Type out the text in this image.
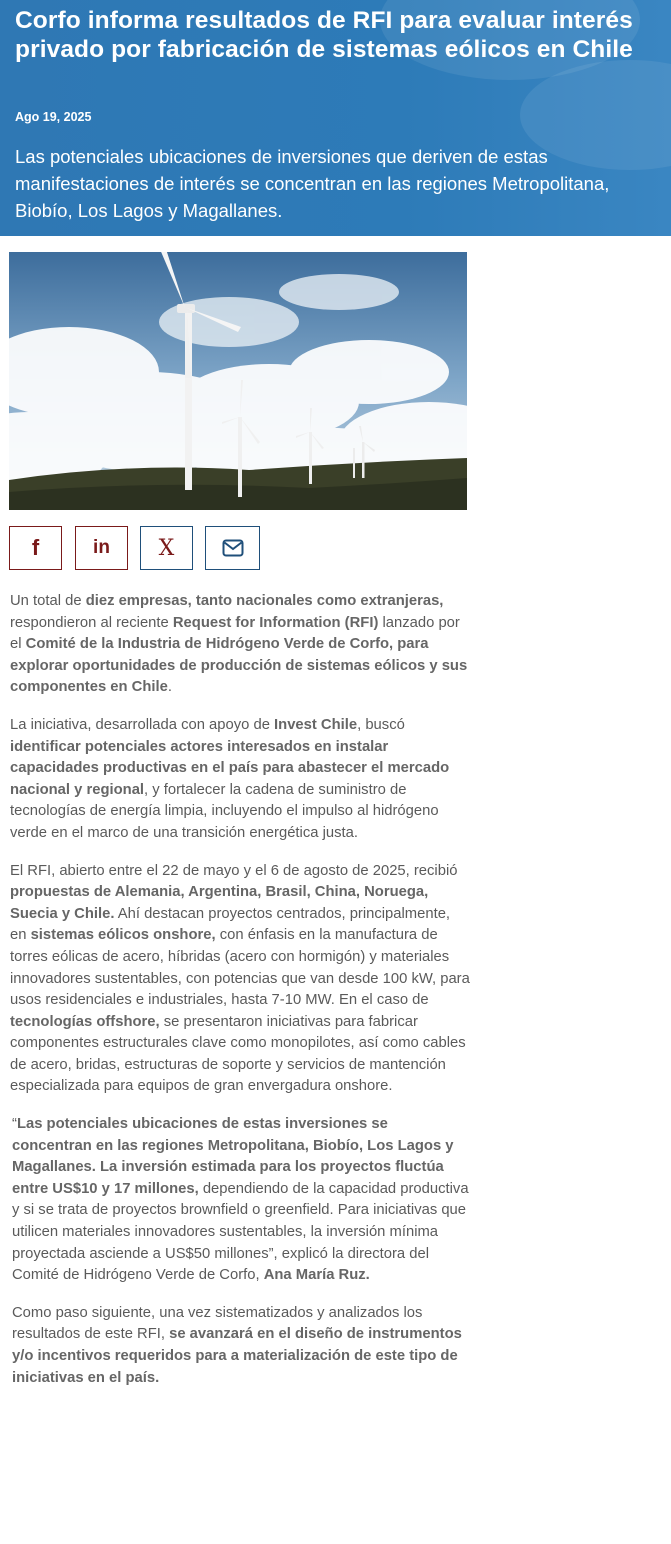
Corfo informa resultados de RFI para evaluar interés privado por fabricación de sistemas eólicos en Chile

Ago 19, 2025

Las potenciales ubicaciones de inversiones que deriven de estas manifestaciones de interés se concentran en las regiones Metropolitana, Biobío, Los Lagos y Magallanes.

f	in X

Un total de diez empresas, tanto nacionales como extranjeras, respondieron al reciente Request for Information (RFI) lanzado por el Comité de la Industria de Hidrógeno Verde de Corfo, para explorar oportunidades de producción de sistemas eólicos y sus componentes en Chile.

La iniciativa, desarrollada con apoyo de Invest Chile, buscó identificar potenciales actores interesados en instalar capacidades productivas en el país para abastecer el mercado nacional y regional, y fortalecer la cadena de suministro de tecnologías de energía limpia, incluyendo el impulso al hidrógeno verde en el marco de una transición energética justa.

El RFI, abierto entre el 22 de mayo y el 6 de agosto de 2025, recibió propuestas de Alemania, Argentina, Brasil, China, Noruega, Suecia y Chile. Ahí destacan proyectos centrados, principalmente, en sistemas eólicos onshore, con énfasis en la manufactura de torres eólicas de acero, híbridas (acero con hormigón) y materiales innovadores sustentables, con potencias que van desde 100 kW, para usos residenciales e industriales, hasta 7-10 MW. En el caso de tecnologías offshore, se presentaron iniciativas para fabricar componentes estructurales clave como monopilotes, así como cables de acero, bridas, estructuras de soporte y servicios de mantención especializada para equipos de gran envergadura onshore.

“Las potenciales ubicaciones de estas inversiones se concentran en las regiones Metropolitana, Biobío, Los Lagos y Magallanes. La inversión estimada para los proyectos fluctúa entre US$10 y 17 millones, dependiendo de la capacidad productiva y si se trata de proyectos brownfield o greenfield. Para iniciativas que utilicen materiales innovadores sustentables, la inversión mínima proyectada asciende a US$50 millones”, explicó la directora del Comité de Hidrógeno Verde de Corfo, Ana María Ruz.

Como paso siguiente, una vez sistematizados y analizados los resultados de este RFI, se avanzará en el diseño de instrumentos y/o incentivos requeridos para a materialización de este tipo de iniciativas en el país.
